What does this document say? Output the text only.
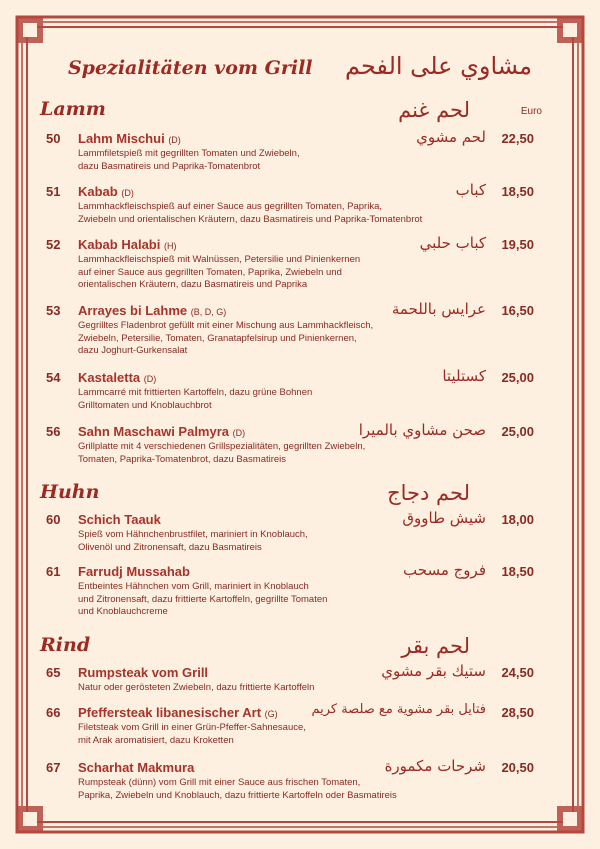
Spezialitäten vom Grill مشاوي على الفحم
Lamm	لحم غنم	Euro
50 Lahm Mischui (D)	لحم مشوي 22,50
Lammfiletspieß mit gegrillten Tomaten und Zwiebeln,
dazu Basmatireis und Paprika-Tomatenbrot
51 Kabab (D)	كباب 18,50
Lammhackfleischspieß auf einer Sauce aus gegrillten Tomaten, Paprika,
Zwiebeln und orientalischen Kräutern, dazu Basmatireis und Paprika-Tomatenbrot
52 Kabab Halabi (H)	كباب حلبي 19,50
Lammhackfleischspieß mit Walnüssen, Petersilie und Pinienkernen
auf einer Sauce aus gegrillten Tomaten, Paprika, Zwiebeln und
orientalischen Kräutern, dazu Basmatireis und Paprika
53 Arrayes bi Lahme (B, D, G)	عرايس باللحمة 16,50
Gegrilltes Fladenbrot gefüllt mit einer Mischung aus Lammhackfleisch,
Zwiebeln, Petersilie, Tomaten, Granatapfelsirup und Pinienkernen,
dazu Joghurt-Gurkensalat
54 Kastaletta (D)	كستليتا 25,00
Lammcarré mit frittierten Kartoffeln, dazu grüne Bohnen
Grilltomaten und Knoblauchbrot
56 Sahn Maschawi Palmyra (D)	صحن مشاوي بالميرا 25,00
Grillplatte mit 4 verschiedenen Grillspezialitäten, gegrillten Zwiebeln,
Tomaten, Paprika-Tomatenbrot, dazu Basmatireis
Huhn	لحم دجاج
60 Schich Taauk	شيش طاووق 18,00
Spieß vom Hähnchenbrustfilet, mariniert in Knoblauch,
Olivenöl und Zitronensaft, dazu Basmatireis
61 Farrudj Mussahab	فروج مسحب 18,50
Entbeintes Hähnchen vom Grill, mariniert in Knoblauch
und Zitronensaft, dazu frittierte Kartoffeln, gegrillte Tomaten
und Knoblauchcreme
Rind	لحم بقر
65 Rumpsteak vom Grill	ستيك بقر مشوي 24,50
Natur oder gerösteten Zwiebeln, dazu frittierte Kartoffeln
66 Pfeffersteak libanesischer Art (G)	فتايل بقر مشوية مع صلصة كريم 28,50
Filetsteak vom Grill in einer Grün-Pfeffer-Sahnesauce,
mit Arak aromatisiert, dazu Kroketten
67 Scharhat Makmura	شرحات مكمورة 20,50
Rumpsteak (dünn) vom Grill mit einer Sauce aus frischen Tomaten,
Paprika, Zwiebeln und Knoblauch, dazu frittierte Kartoffeln oder Basmatireis
